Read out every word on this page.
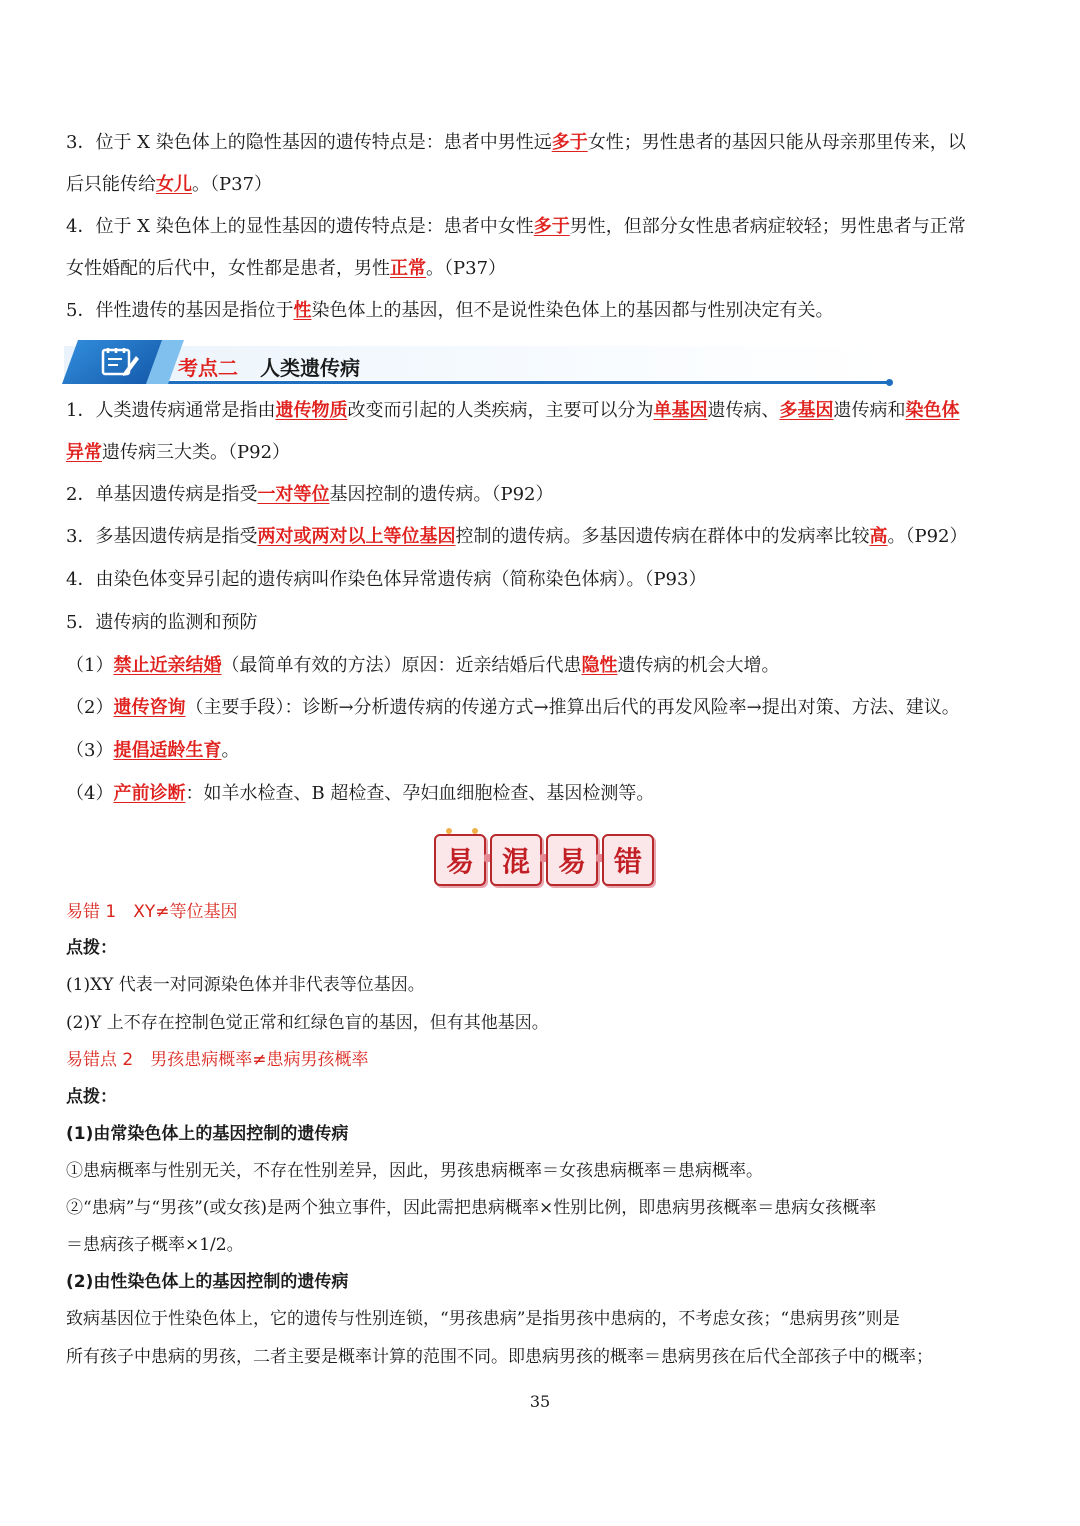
3．位于 X 染色体上的隐性基因的遗传特点是：患者中男性远多于女性；男性患者的基因只能从母亲那里传来，以
后只能传给女儿。（P37）
4．位于 X 染色体上的显性基因的遗传特点是：患者中女性多于男性，但部分女性患者病症较轻；男性患者与正常
女性婚配的后代中，女性都是患者，男性正常。（P37）
5．伴性遗传的基因是指位于性染色体上的基因，但不是说性染色体上的基因都与性别决定有关。
考点二 人类遗传病
1．人类遗传病通常是指由遗传物质改变而引起的人类疾病，主要可以分为单基因遗传病、多基因遗传病和染色体
异常遗传病三大类。（P92）
2．单基因遗传病是指受一对等位基因控制的遗传病。（P92）
3．多基因遗传病是指受两对或两对以上等位基因控制的遗传病。多基因遗传病在群体中的发病率比较高。（P92）
4．由染色体变异引起的遗传病叫作染色体异常遗传病（简称染色体病）。（P93）
5．遗传病的监测和预防
（1）禁止近亲结婚（最简单有效的方法）原因：近亲结婚后代患隐性遗传病的机会大增。
（2）遗传咨询（主要手段）：诊断→分析遗传病的传递方式→推算出后代的再发风险率→提出对策、方法、建议。
（3）提倡适龄生育。
（4）产前诊断：如羊水检查、B 超检查、孕妇血细胞检查、基因检测等。
易 混 易 错
易错 1　XY≠等位基因
点拨：
(1)XY 代表一对同源染色体并非代表等位基因。
(2)Y 上不存在控制色觉正常和红绿色盲的基因，但有其他基因。
易错点 2　男孩患病概率≠患病男孩概率
点拨：
(1)由常染色体上的基因控制的遗传病
①患病概率与性别无关，不存在性别差异，因此，男孩患病概率＝女孩患病概率＝患病概率。
②“患病”与“男孩”(或女孩)是两个独立事件，因此需把患病概率×性别比例，即患病男孩概率＝患病女孩概率
＝患病孩子概率×1/2。
(2)由性染色体上的基因控制的遗传病
致病基因位于性染色体上，它的遗传与性别连锁，“男孩患病”是指男孩中患病的，不考虑女孩；“患病男孩”则是
所有孩子中患病的男孩，二者主要是概率计算的范围不同。即患病男孩的概率＝患病男孩在后代全部孩子中的概率；
35
